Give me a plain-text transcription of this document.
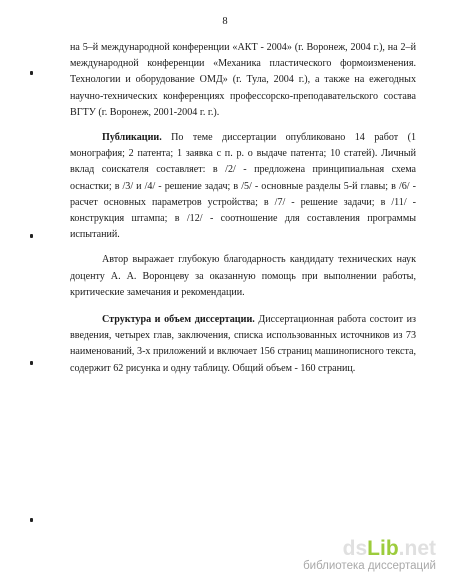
8

на 5–й международной конференции «АКТ - 2004» (г. Воронеж, 2004 г.), на 2–й международной конференции «Механика пластического формоизменения. Технологии и оборудование ОМД» (г. Тула, 2004 г.), а также на ежегодных научно-технических конференциях профессорско-преподавательского состава ВГТУ (г. Воронеж, 2001-2004 г. г.).

Публикации. По теме диссертации опубликовано 14 работ (1 монография; 2 патента; 1 заявка с п. р. о выдаче патента; 10 статей). Личный вклад соискателя составляет: в /2/ - предложена принципиальная схема оснастки; в /3/ и /4/ - решение задач; в /5/ - основные разделы 5-й главы; в /6/ - расчет основных параметров устройства; в /7/ - решение задачи; в /11/ - конструкция штампа; в /12/ - соотношение для составления программы испытаний.

Автор выражает глубокую благодарность кандидату технических наук доценту А. А. Воронцеву за оказанную помощь при выполнении работы, критические замечания и рекомендации.

Структура и объем диссертации. Диссертационная работа состоит из введения, четырех глав, заключения, списка использованных источников из 73 наименований, 3-х приложений и включает 156 страниц машинописного текста, содержит 62 рисунка и одну таблицу. Общий объем - 160 страниц.

dsLib.net
библиотека диссертаций
